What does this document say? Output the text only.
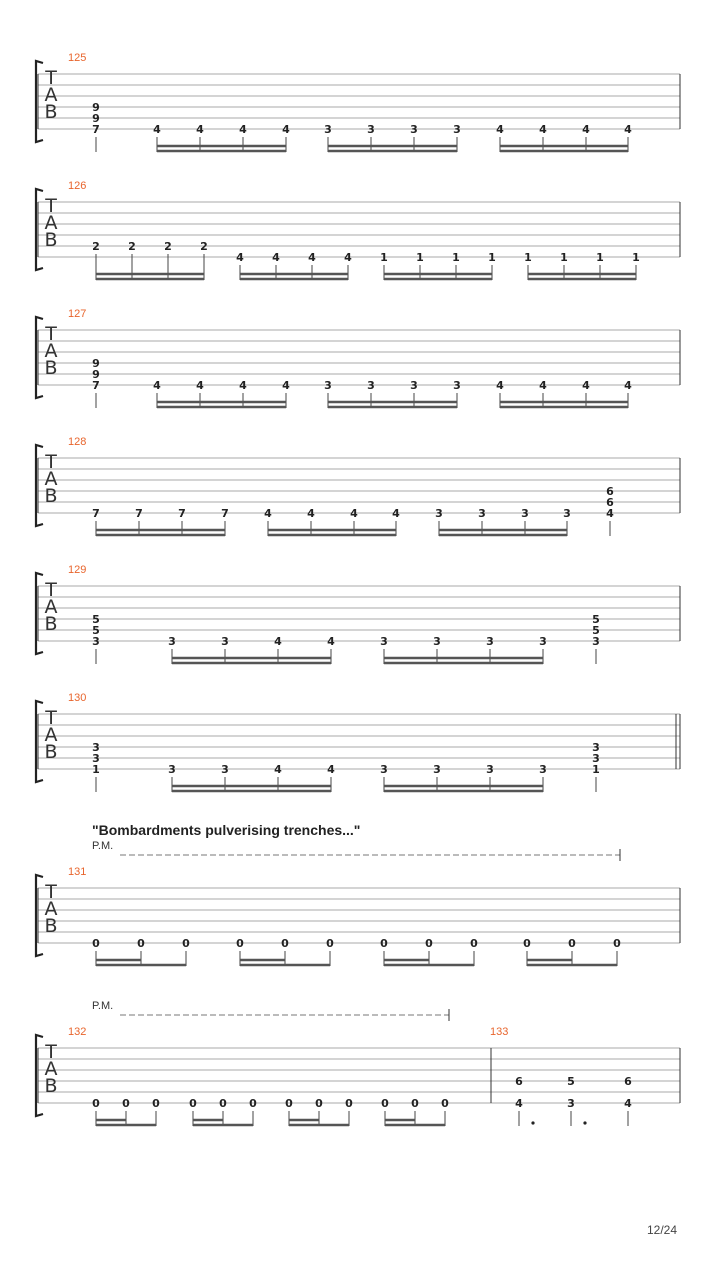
"Bombardments pulverising trenches..."
P.M.
P.M.
12/24
T
A
B
125
7
9
9
4	4	4	4	3	3	3	3	4	4	4	4
T
A
B
126
2	2	2	2
4	4	4	4	1	1	1	1	1	1	1	1
T
A
B
127
7
9
9
4	4	4	4	3	3	3	3	4	4	4	4
T
A
B
128
7	7	7	7	4	4	4	4	3	3	3	3	4
6
6
T
A
B
129
3
5
5
3	3	4	4	3	3	3	3	3
5
5
T
A
B
130
1
3
3
3	3	4	4	3	3	3	3	1
3
3
T
A
B
131
0	0	0	0	0	0	0	0	0	0	0	0
T
A
B
132
0 0 0	0 0 0	0 0 0	0 0 0
133
4
6
3
5
4
6
